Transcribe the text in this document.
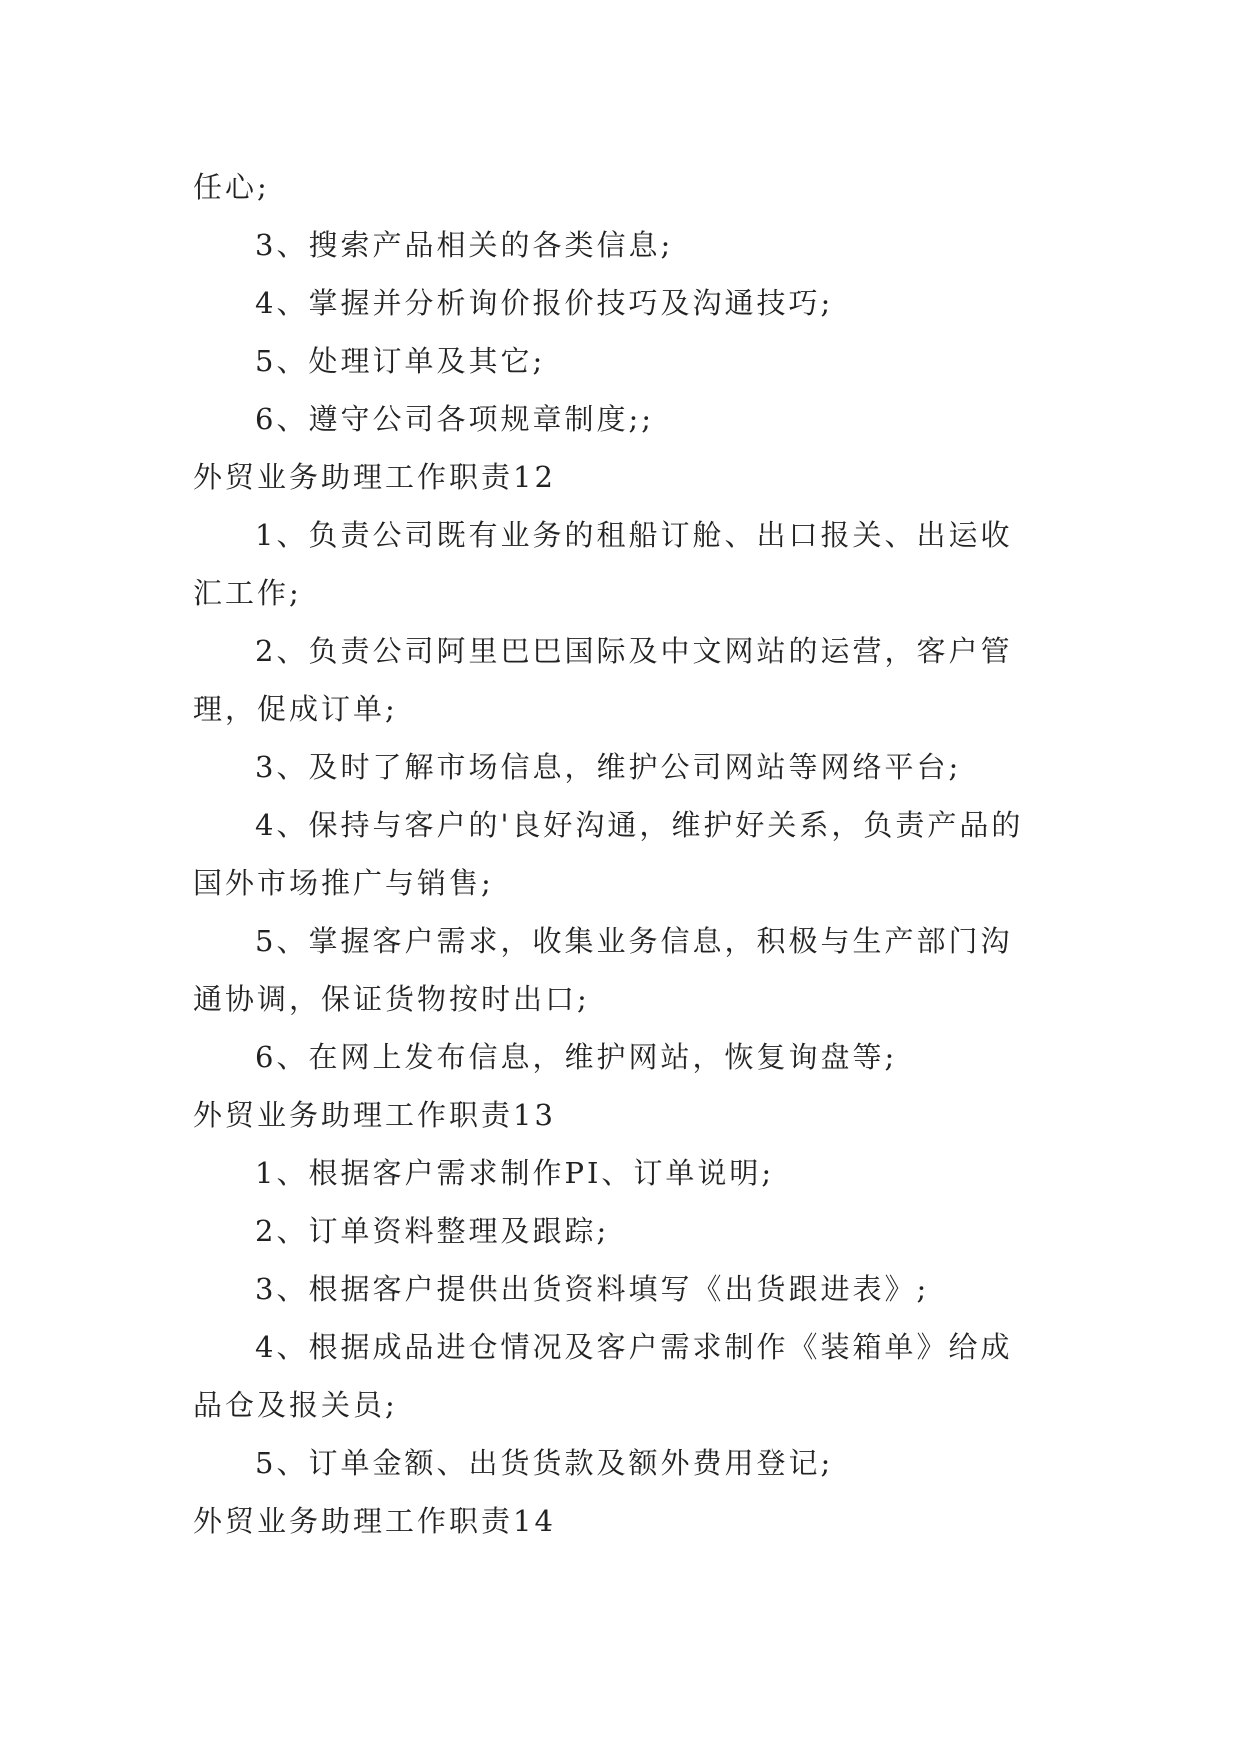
任心;

3、搜索产品相关的各类信息;

4、掌握并分析询价报价技巧及沟通技巧;

5、处理订单及其它;

6、遵守公司各项规章制度;;

外贸业务助理工作职责12

1、负责公司既有业务的租船订舱、出口报关、出运收

汇工作;

2、负责公司阿里巴巴国际及中文网站的运营，客户管

理，促成订单;

3、及时了解市场信息，维护公司网站等网络平台;

4、保持与客户的'良好沟通，维护好关系，负责产品的

国外市场推广与销售;

5、掌握客户需求，收集业务信息，积极与生产部门沟

通协调，保证货物按时出口;

6、在网上发布信息，维护网站，恢复询盘等;

外贸业务助理工作职责13

1、根据客户需求制作PI、订单说明;

2、订单资料整理及跟踪;

3、根据客户提供出货资料填写《出货跟进表》;

4、根据成品进仓情况及客户需求制作《装箱单》给成

品仓及报关员;

5、订单金额、出货货款及额外费用登记;

外贸业务助理工作职责14
